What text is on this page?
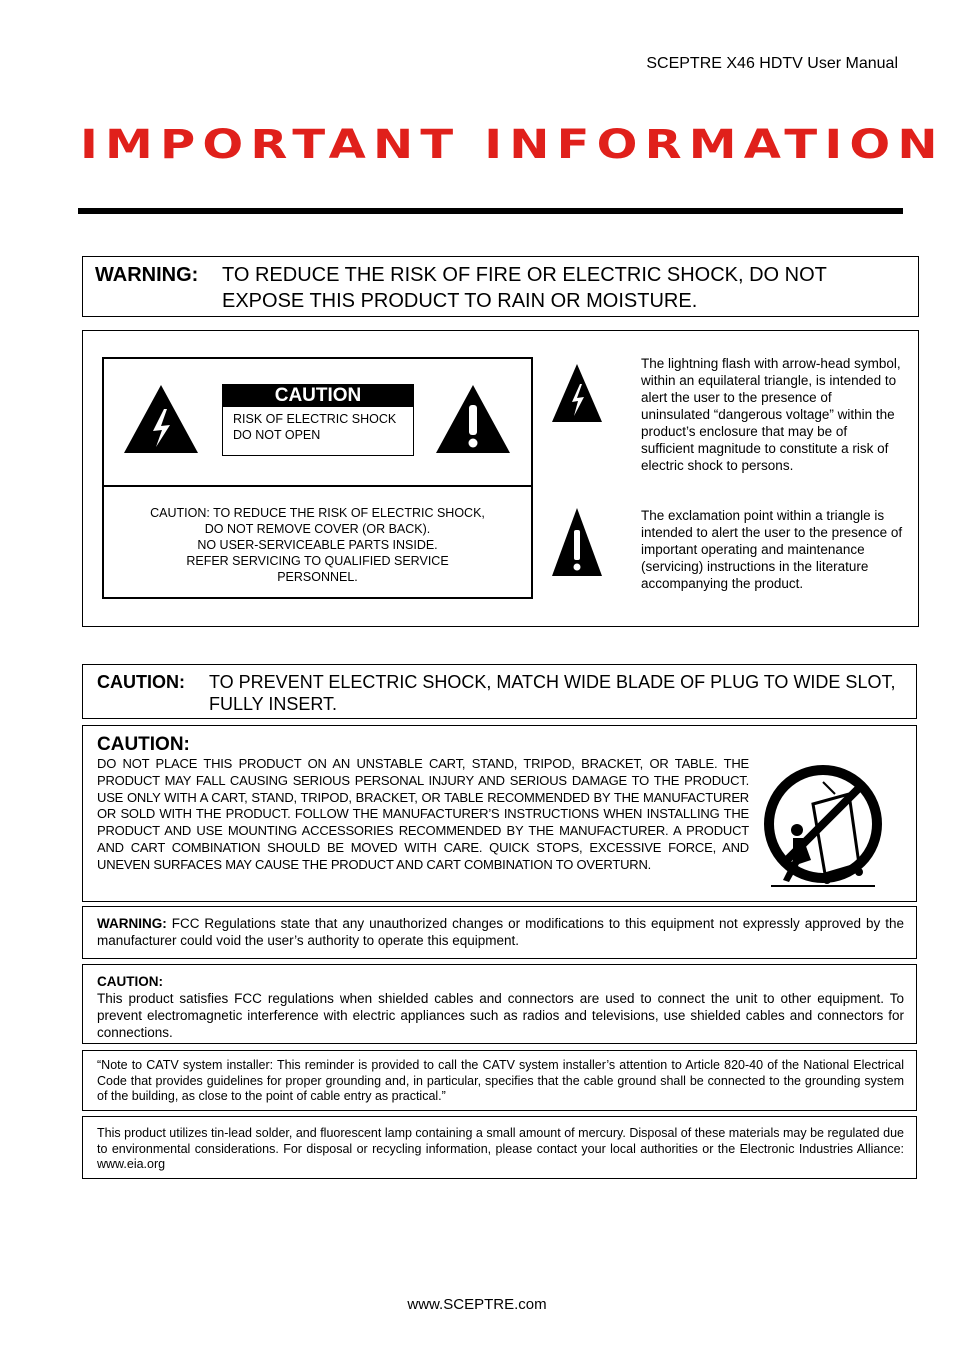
SCEPTRE X46 HDTV User Manual
IMPORTANT INFORMATION
WARNING: TO REDUCE THE RISK OF FIRE OR ELECTRIC SHOCK, DO NOT EXPOSE THIS PRODUCT TO RAIN OR MOISTURE.
CAUTION
RISK OF ELECTRIC SHOCK
DO NOT OPEN
CAUTION: TO REDUCE THE RISK OF ELECTRIC SHOCK,
DO NOT REMOVE COVER (OR BACK).
NO USER-SERVICEABLE PARTS INSIDE.
REFER SERVICING TO QUALIFIED SERVICE
PERSONNEL.
The lightning flash with arrow-head symbol, within an equilateral triangle, is intended to alert the user to the presence of uninsulated “dangerous voltage” within the product’s enclosure that may be of sufficient magnitude to constitute a risk of electric shock to persons.
The exclamation point within a triangle is intended to alert the user to the presence of important operating and maintenance (servicing) instructions in the literature accompanying the product.
CAUTION: TO PREVENT ELECTRIC SHOCK, MATCH WIDE BLADE OF PLUG TO WIDE SLOT, FULLY INSERT.
CAUTION:
DO NOT PLACE THIS PRODUCT ON AN UNSTABLE CART, STAND, TRIPOD, BRACKET, OR TABLE. THE PRODUCT MAY FALL CAUSING SERIOUS PERSONAL INJURY AND SERIOUS DAMAGE TO THE PRODUCT. USE ONLY WITH A CART, STAND, TRIPOD, BRACKET, OR TABLE RECOMMENDED BY THE MANUFACTURER OR SOLD WITH THE PRODUCT. FOLLOW THE MANUFACTURER’S INSTRUCTIONS WHEN INSTALLING THE PRODUCT AND USE MOUNTING ACCESSORIES RECOMMENDED BY THE MANUFACTURER. A PRODUCT AND CART COMBINATION SHOULD BE MOVED WITH CARE. QUICK STOPS, EXCESSIVE FORCE, AND UNEVEN SURFACES MAY CAUSE THE PRODUCT AND CART COMBINATION TO OVERTURN.
WARNING: FCC Regulations state that any unauthorized changes or modifications to this equipment not expressly approved by the manufacturer could void the user’s authority to operate this equipment.
CAUTION:
This product satisfies FCC regulations when shielded cables and connectors are used to connect the unit to other equipment. To prevent electromagnetic interference with electric appliances such as radios and televisions, use shielded cables and connectors for connections.
“Note to CATV system installer: This reminder is provided to call the CATV system installer’s attention to Article 820-40 of the National Electrical Code that provides guidelines for proper grounding and, in particular, specifies that the cable ground shall be connected to the grounding system of the building, as close to the point of cable entry as practical.”
This product utilizes tin-lead solder, and fluorescent lamp containing a small amount of mercury. Disposal of these materials may be regulated due to environmental considerations. For disposal or recycling information, please contact your local authorities or the Electronic Industries Alliance: www.eia.org
www.SCEPTRE.com
